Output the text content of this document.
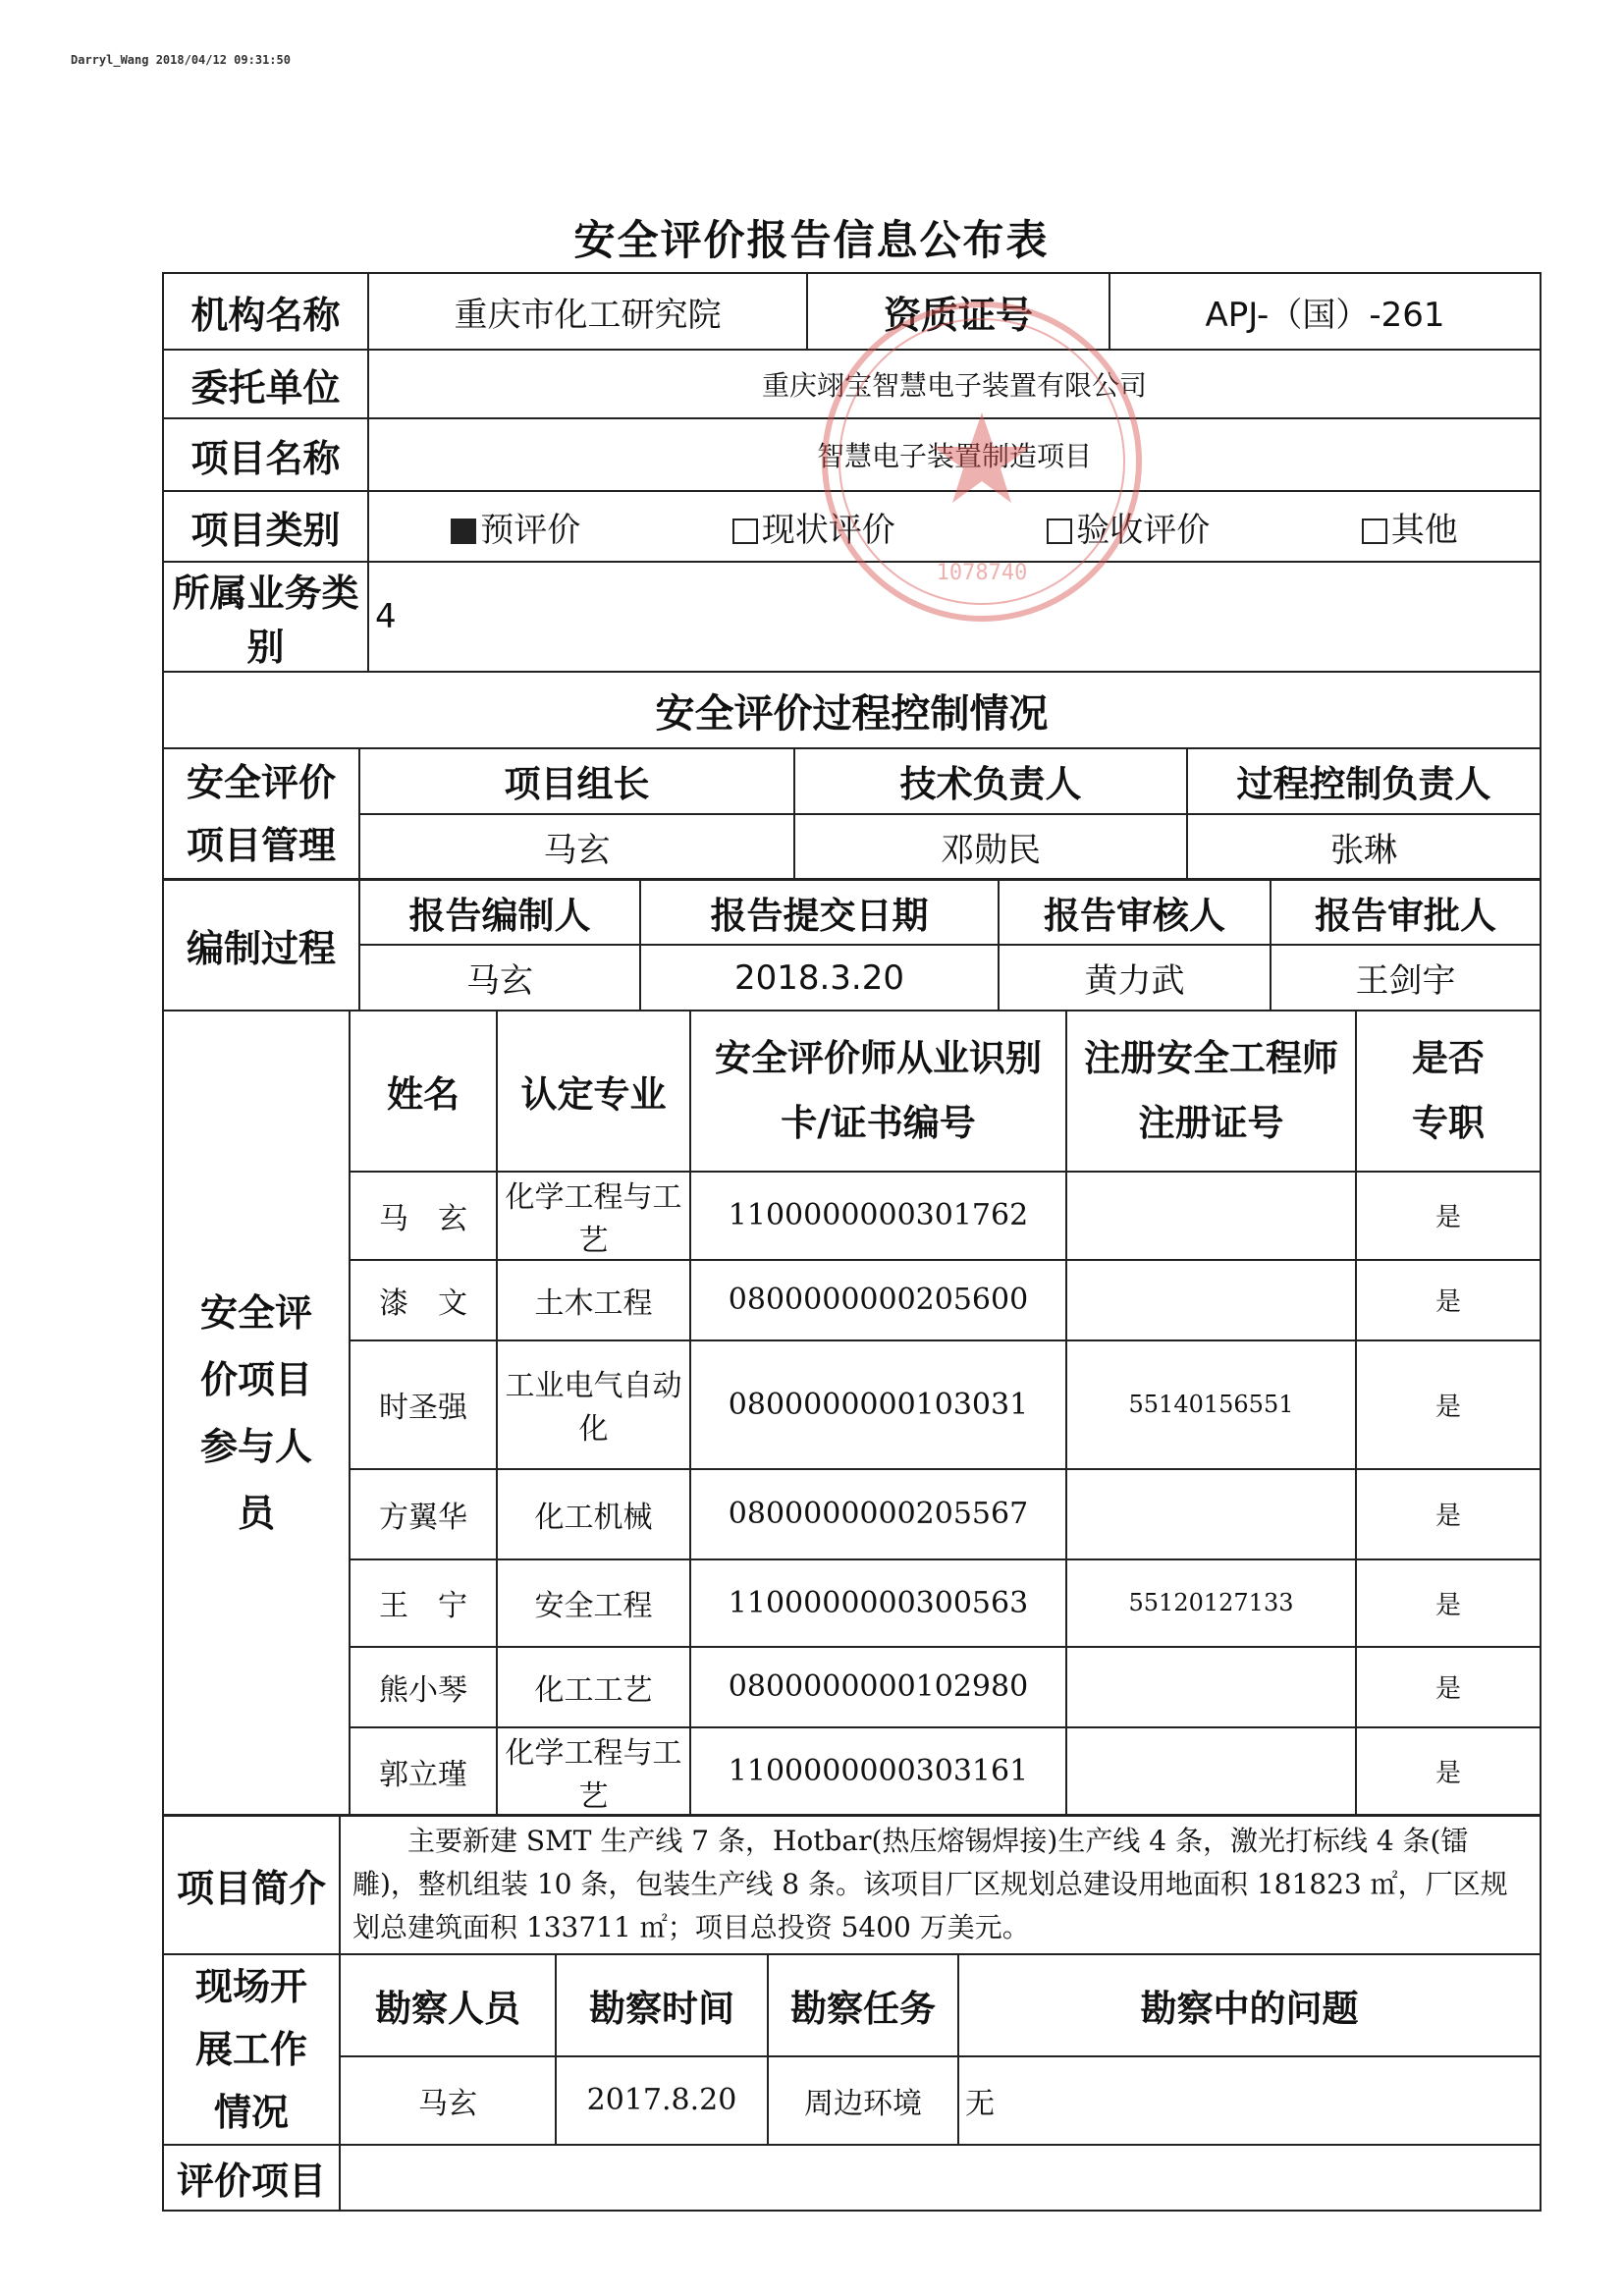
Darryl_Wang 2018/04/12 09:31:50
安全评价报告信息公布表
机构名称	重庆市化工研究院	资质证号	APJ-（国）-261
委托单位	重庆翊宝智慧电子装置有限公司		
项目名称	智慧电子装置制造项目		
项目类别	预评价 现状评价 验收评价 其他		

所属业务类别	4		
安全评价过程控制情况			
安全评价项目管理	项目组长	技术负责人	过程控制负责人
	马玄	邓勋民	张琳
编制过程	报告编制人	报告提交日期	报告审核人	报告审批人
	马玄	2018.3.20	黄力武	王剑宇
安全评价项目参与人员	姓名	认定专业	安全评价师从业识别卡/证书编号	注册安全工程师注册证号	是否专职
	马　玄	化学工程与工艺	1100000000301762		是
	漆　文	土木工程	0800000000205600		是
	时圣强	工业电气自动化	0800000000103031	55140156551	是
	方翼华	化工机械	0800000000205567		是
	王　宁	安全工程	1100000000300563	55120127133	是
	熊小琴	化工工艺	0800000000102980		是
	郭立瑾	化学工程与工艺	1100000000303161		是
项目简介	主要新建 SMT 生产线 7 条，Hotbar(热压熔锡焊接)生产线 4 条，激光打标线 4 条(镭雕)，整机组装 10 条，包装生产线 8 条。该项目厂区规划总建设用地面积 181823 ㎡，厂区规划总建筑面积 133711 ㎡；项目总投资 5400 万美元。
现场开展工作情况	勘察人员	勘察时间	勘察任务	勘察中的问题
	马玄	2017.8.20	周边环境	无
评价项目				
1078740
